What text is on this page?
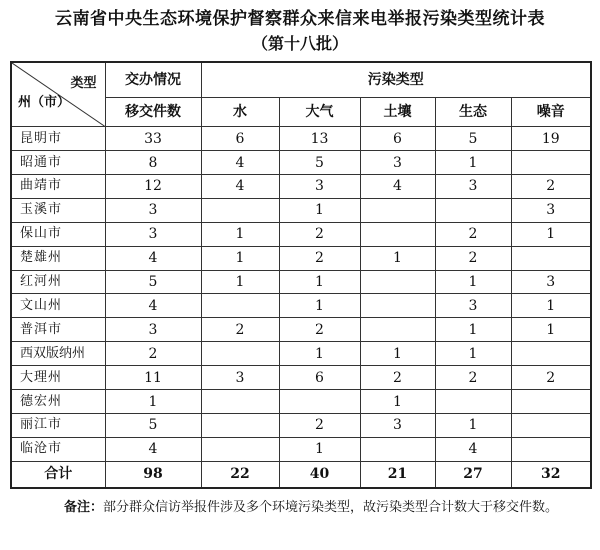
云南省中央生态环境保护督察群众来信来电举报污染类型统计表
（第十八批）
类型
州（市）	交办情况	污染类型				
	移交件数	水	大气	土壤	生态	噪音
昆明市	33	6	13	6	5	19
昭通市	8	4	5	3	1	
曲靖市	12	4	3	4	3	2
玉溪市	3		1			3
保山市	3	1	2		2	1
楚雄州	4	1	2	1	2	
红河州	5	1	1		1	3
文山州	4		1		3	1
普洱市	3	2	2		1	1
西双版纳州	2		1	1	1	
大理州	11	3	6	2	2	2
德宏州	1			1		
丽江市	5		2	3	1	
临沧市	4		1		4	
合计	98	22	40	21	27	32
备注：部分群众信访举报件涉及多个环境污染类型，故污染类型合计数大于移交件数。
